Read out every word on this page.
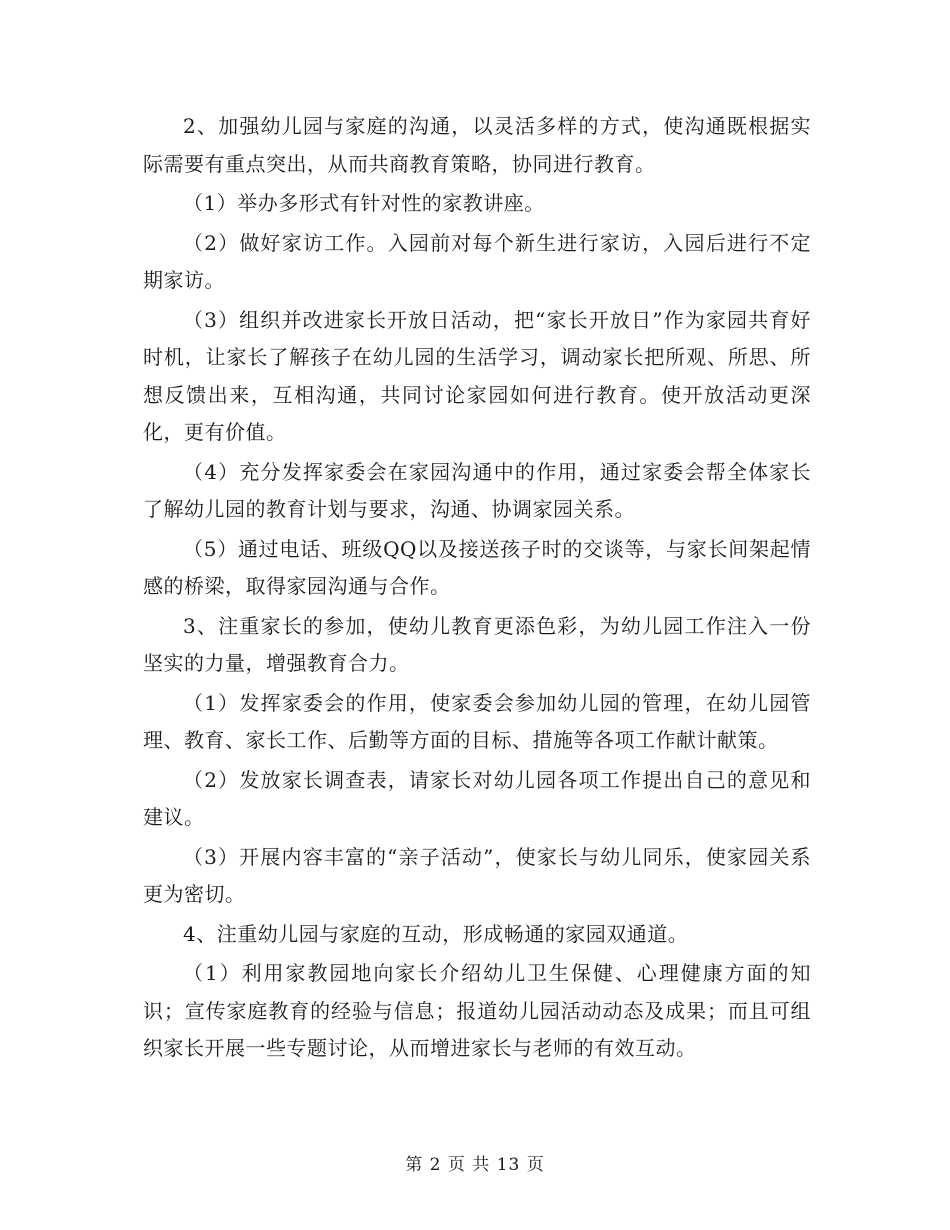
2、加强幼儿园与家庭的沟通，以灵活多样的方式，使沟通既根据实际需要有重点突出，从而共商教育策略，协同进行教育。

（1）举办多形式有针对性的家教讲座。

（2）做好家访工作。入园前对每个新生进行家访，入园后进行不定期家访。

（3）组织并改进家长开放日活动，把“家长开放日”作为家园共育好时机，让家长了解孩子在幼儿园的生活学习，调动家长把所观、所思、所想反馈出来，互相沟通，共同讨论家园如何进行教育。使开放活动更深化，更有价值。

（4）充分发挥家委会在家园沟通中的作用，通过家委会帮全体家长了解幼儿园的教育计划与要求，沟通、协调家园关系。

（5）通过电话、班级QQ以及接送孩子时的交谈等，与家长间架起情感的桥梁，取得家园沟通与合作。

3、注重家长的参加，使幼儿教育更添色彩，为幼儿园工作注入一份坚实的力量，增强教育合力。

（1）发挥家委会的作用，使家委会参加幼儿园的管理，在幼儿园管理、教育、家长工作、后勤等方面的目标、措施等各项工作献计献策。

（2）发放家长调查表，请家长对幼儿园各项工作提出自己的意见和建议。

（3）开展内容丰富的“亲子活动”，使家长与幼儿同乐，使家园关系更为密切。

4、注重幼儿园与家庭的互动，形成畅通的家园双通道。

（1）利用家教园地向家长介绍幼儿卫生保健、心理健康方面的知识；宣传家庭教育的经验与信息；报道幼儿园活动动态及成果；而且可组织家长开展一些专题讨论，从而增进家长与老师的有效互动。

第 2 页 共 13 页
